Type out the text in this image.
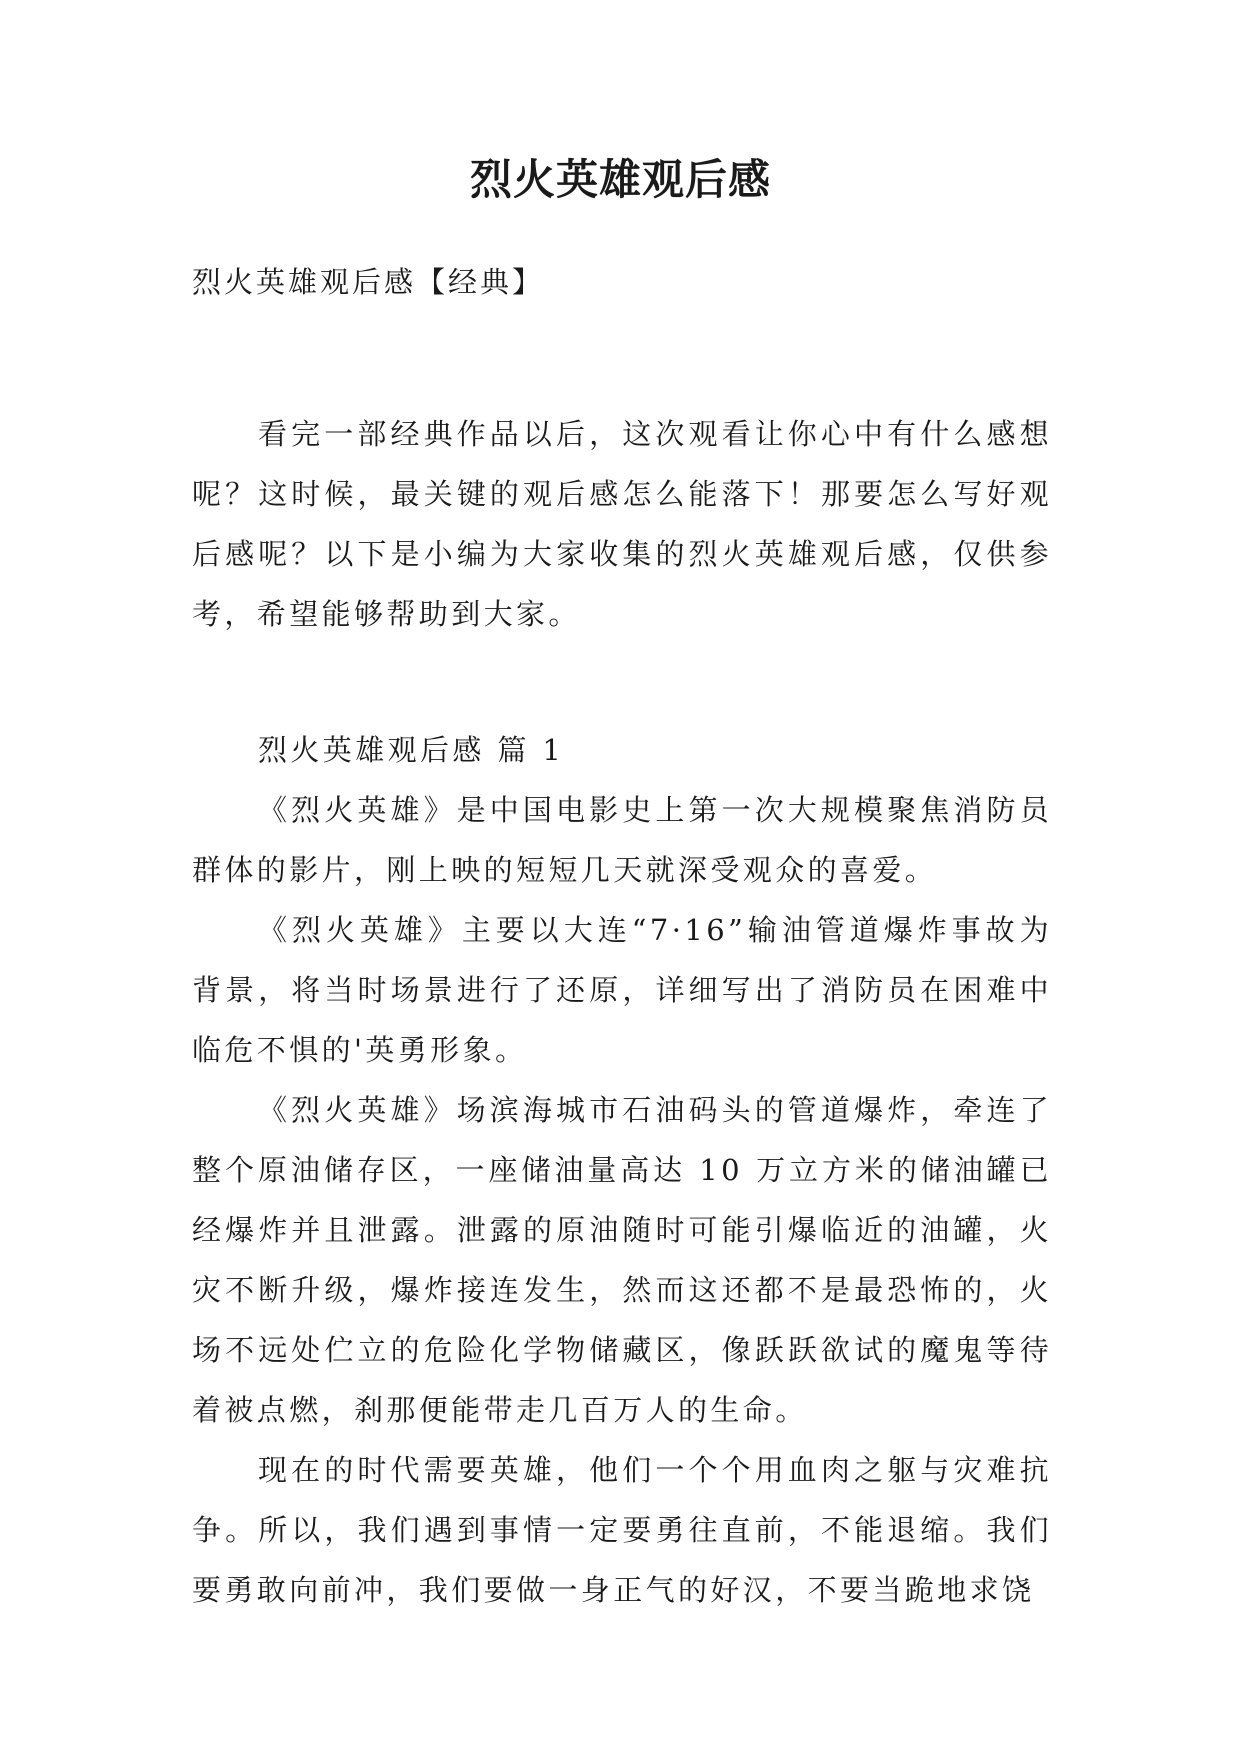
烈火英雄观后感

烈火英雄观后感【经典】

看完一部经典作品以后，这次观看让你心中有什么感想呢？这时候，最关键的观后感怎么能落下！那要怎么写好观后感呢？以下是小编为大家收集的烈火英雄观后感，仅供参考，希望能够帮助到大家。

烈火英雄观后感 篇 1

《烈火英雄》是中国电影史上第一次大规模聚焦消防员群体的影片，刚上映的短短几天就深受观众的喜爱。

《烈火英雄》主要以大连“7·16”输油管道爆炸事故为背景，将当时场景进行了还原，详细写出了消防员在困难中临危不惧的'英勇形象。

《烈火英雄》场滨海城市石油码头的管道爆炸，牵连了整个原油储存区，一座储油量高达 10 万立方米的储油罐已经爆炸并且泄露。泄露的原油随时可能引爆临近的油罐，火灾不断升级，爆炸接连发生，然而这还都不是最恐怖的，火场不远处伫立的危险化学物储藏区，像跃跃欲试的魔鬼等待着被点燃，刹那便能带走几百万人的生命。

现在的时代需要英雄，他们一个个用血肉之躯与灾难抗争。所以，我们遇到事情一定要勇往直前，不能退缩。我们要勇敢向前冲，我们要做一身正气的好汉，不要当跪地求饶
